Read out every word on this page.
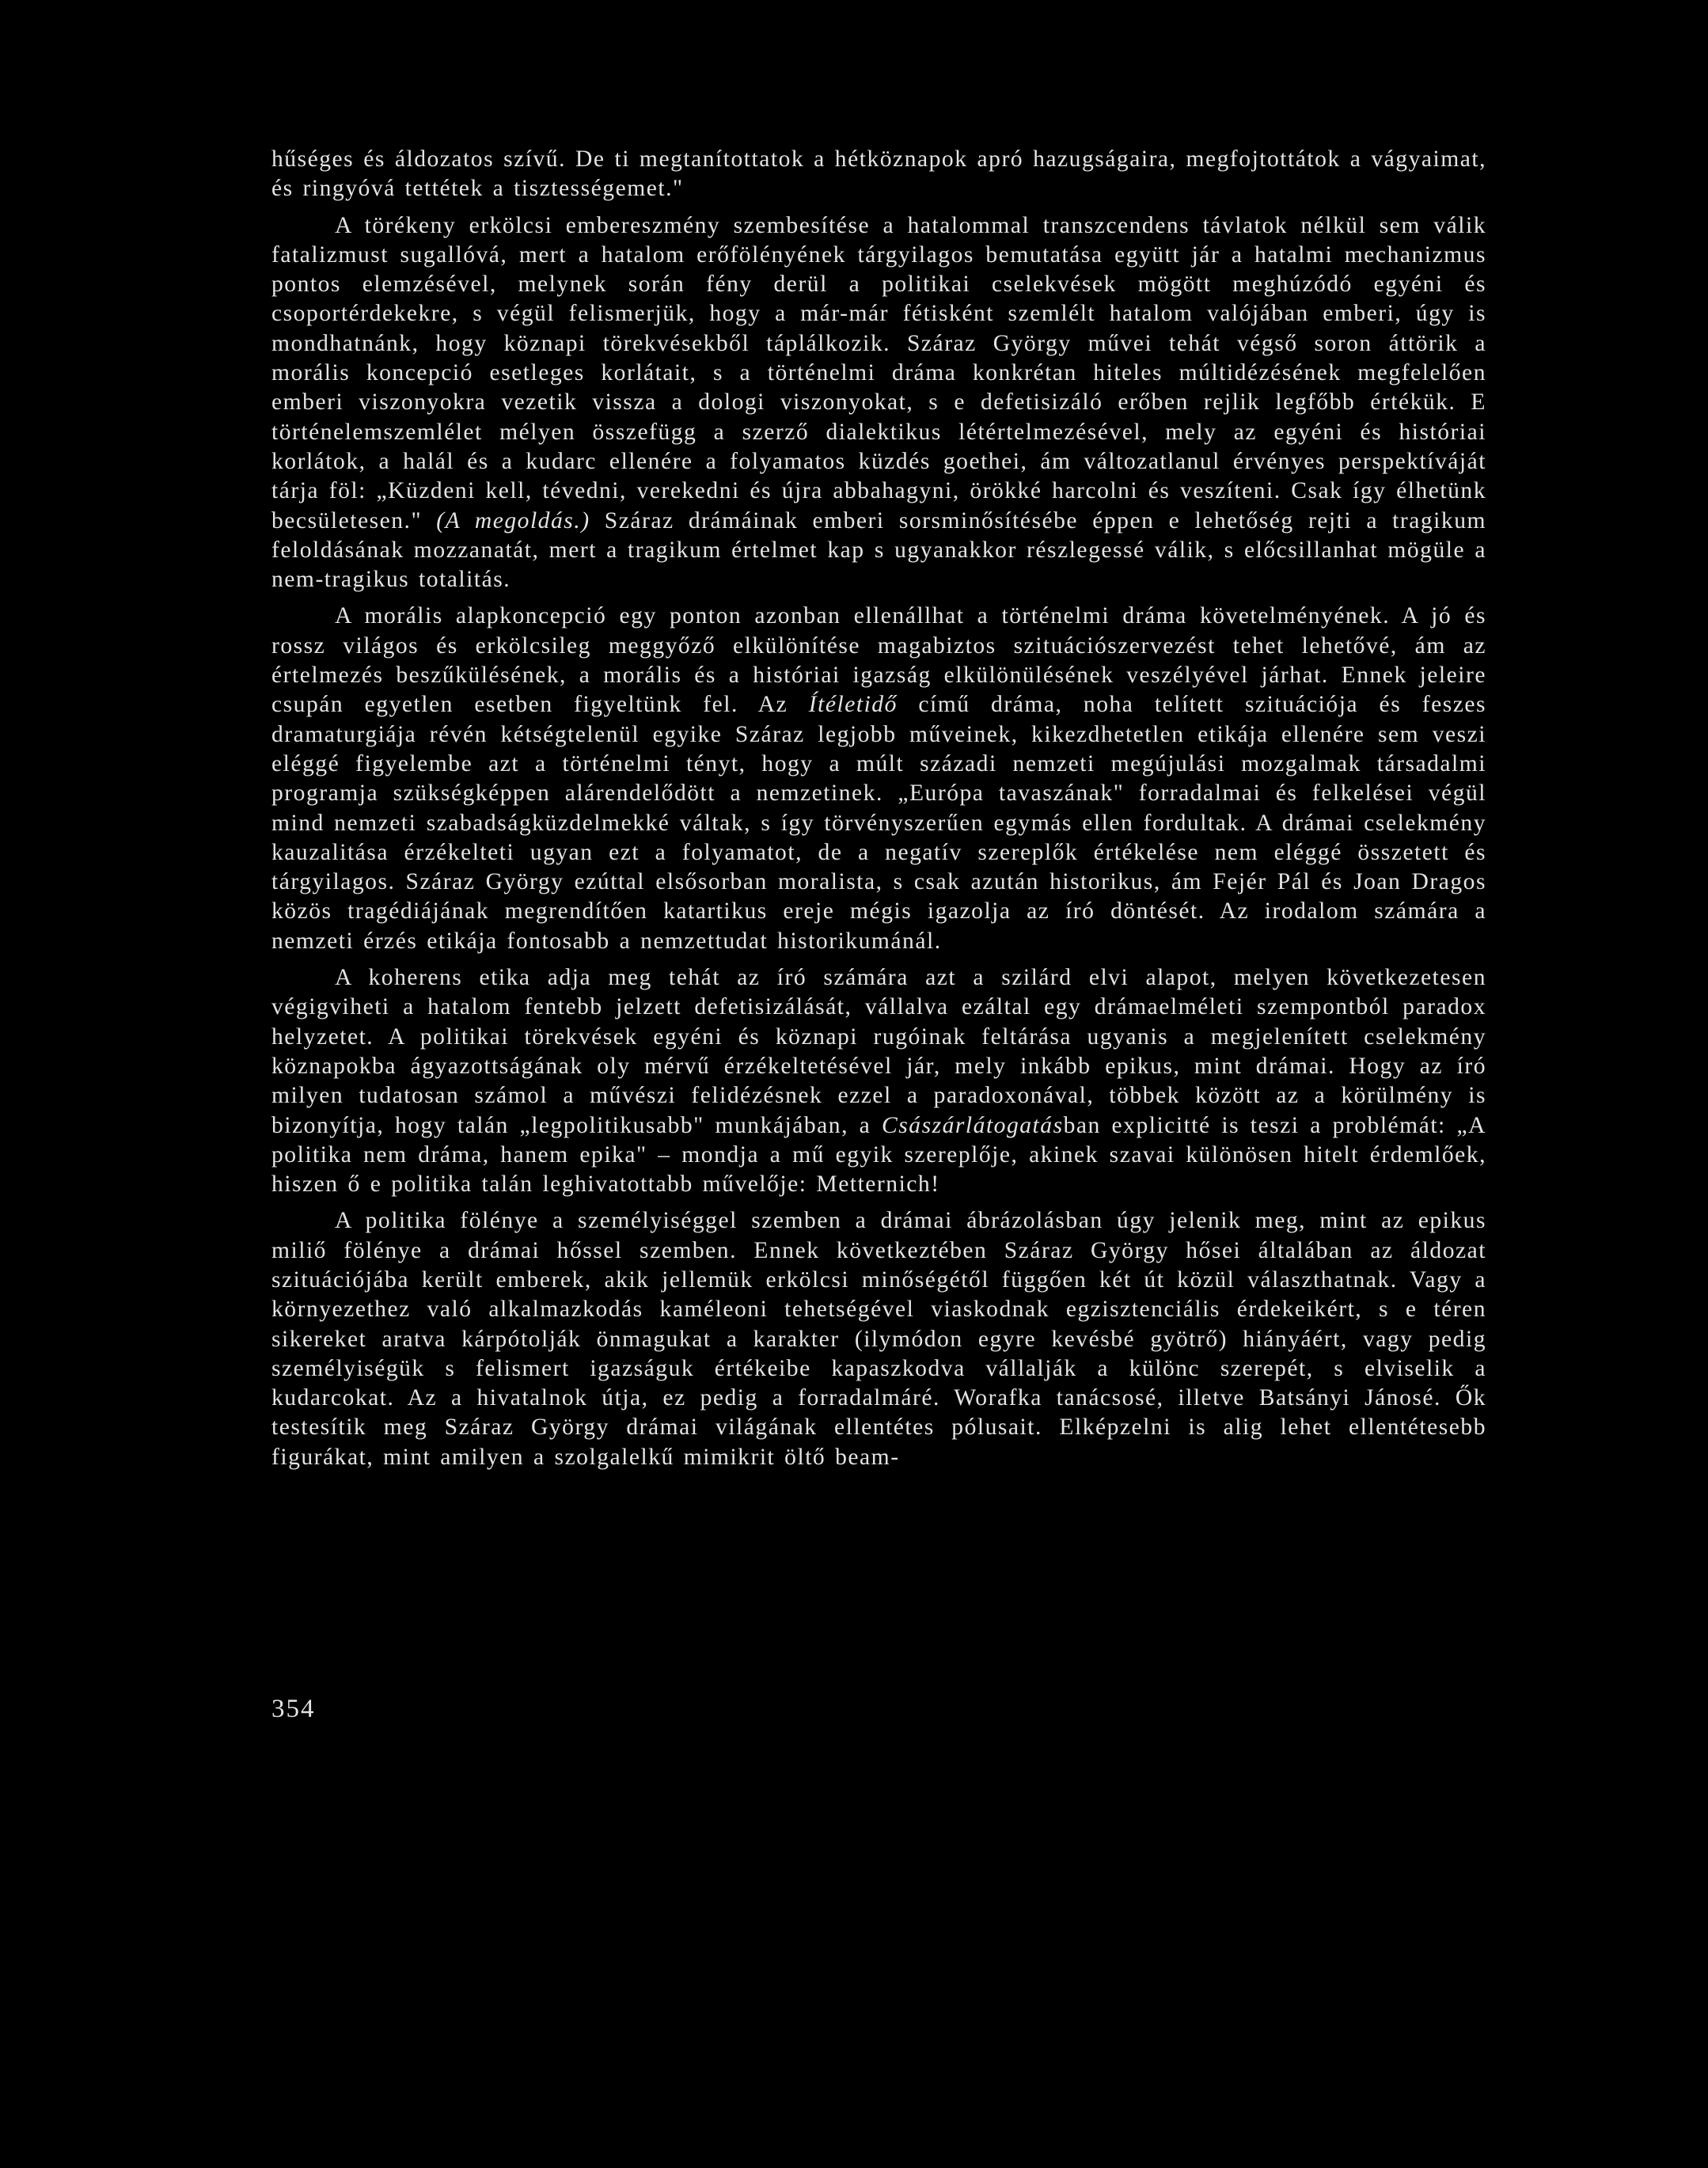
hűséges és áldozatos szívű. De ti megtanítottatok a hétköznapok apró hazugságaira, megfojtottátok a vágyaimat, és ringyóvá tettétek a tisztességemet."

A törékeny erkölcsi emberеszmény szembesítése a hatalommal transzcendens távlatok nélkül sem válik fatalizmust sugallóvá, mert a hatalom erőfölényének tárgyilagos bemutatása együtt jár a hatalmi mechanizmus pontos elemzésével, melynek során fény derül a politikai cselekvések mögött meghúzódó egyéni és csoportérdekekre, s végül felismerjük, hogy a már-már fétisként szemlélt hatalom valójában emberi, úgy is mondhatnánk, hogy köznapi törekvésekből táplálkozik. Száraz György művei tehát végső soron áttörik a morális koncepció esetleges korlátait, s a történelmi dráma konkrétan hiteles múltidézésének megfelelően emberi viszonyokra vezetik vissza a dologi viszonyokat, s e defetisizáló erőben rejlik legfőbb értékük. E történelemszemlélet mélyen összefügg a szerző dialektikus létértelmezésével, mely az egyéni és históriai korlátok, a halál és a kudarc ellenére a folyamatos küzdés goethei, ám változatlanul érvényes perspektíváját tárja föl: „Küzdeni kell, tévedni, verekedni és újra abbahagyni, örökké harcolni és veszíteni. Csak így élhetünk becsületesen." (A megoldás.) Száraz drámáinak emberi sorsminősítésébe éppen e lehetőség rejti a tragikum feloldásának mozzanatát, mert a tragikum értelmet kap s ugyanakkor részlegessé válik, s előcsillanhat mögüle a nem-tragikus totalitás.

A morális alapkoncepció egy ponton azonban ellenállhat a történelmi dráma követelményének. A jó és rossz világos és erkölcsileg meggyőző elkülönítése magabiztos szituációszervezést tehet lehetővé, ám az értelmezés beszűkülésének, a morális és a históriai igazság elkülönülésének veszélyével járhat. Ennek jeleire csupán egyetlen esetben figyeltünk fel. Az Ítéletidő című dráma, noha telített szituációja és feszes dramaturgiája révén kétségtelenül egyike Száraz legjobb műveinek, kikezdhetetlen etikája ellenére sem veszi eléggé figyelembe azt a történelmi tényt, hogy a múlt századi nemzeti megújulási mozgalmak társadalmi programja szükségképpen alárendelődött a nemzetinek. „Európa tavaszának" forradalmai és felkelései végül mind nemzeti szabadságküzdelmekké váltak, s így törvényszerűen egymás ellen fordultak. A drámai cselekmény kauzalitása érzékelteti ugyan ezt a folyamatot, de a negatív szereplők értékelése nem eléggé összetett és tárgyilagos. Száraz György ezúttal elsősorban moralista, s csak azután historikus, ám Fejér Pál és Joan Dragos közös tragédiájának megrendítően katartikus ereje mégis igazolja az író döntését. Az irodalom számára a nemzeti érzés etikája fontosabb a nemzettudat historikumánál.

A koherens etika adja meg tehát az író számára azt a szilárd elvi alapot, melyen következetesen végigviheti a hatalom fentebb jelzett defetisizálását, vállalva ezáltal egy drámaelméleti szempontból paradox helyzetet. A politikai törekvések egyéni és köznapi rugóinak feltárása ugyanis a megjelenített cselekmény köznapokba ágyazottságának oly mérvű érzékeltetésével jár, mely inkább epikus, mint drámai. Hogy az író milyen tudatosan számol a művészi felidézésnek ezzel a paradoxonával, többek között az a körülmény is bizonyítja, hogy talán „legpolitikusabb" munkájában, a Császárlátogatásban explicitté is teszi a problémát: „A politika nem dráma, hanem epika" – mondja a mű egyik szereplője, akinek szavai különösen hitelt érdemlőek, hiszen ő e politika talán leghivatottabb művelője: Metternich!

A politika fölénye a személyiséggel szemben a drámai ábrázolásban úgy jelenik meg, mint az epikus miliő fölénye a drámai hőssel szemben. Ennek következtében Száraz György hősei általában az áldozat szituációjába került emberek, akik jellemük erkölcsi minőségétől függően két út közül választhatnak. Vagy a környezethez való alkalmazkodás kaméleoni tehetségével viaskodnak egzisztenciális érdekeikért, s e téren sikereket aratva kárpótolják önmagukat a karakter (ilymódon egyre kevésbé gyötrő) hiányáért, vagy pedig személyiségük s felismert igazságuk értékeibe kapaszkodva vállalják a különc szerepét, s elviselik a kudarcokat. Az a hivatalnok útja, ez pedig a forradalmáré. Worafka tanácsosé, illetve Batsányi Jánosé. Ők testesítik meg Száraz György drámai világának ellentétes pólusait. Elképzelni is alig lehet ellentétesebb figurákat, mint amilyen a szolgalelkű mimikrit öltő beam-

354
